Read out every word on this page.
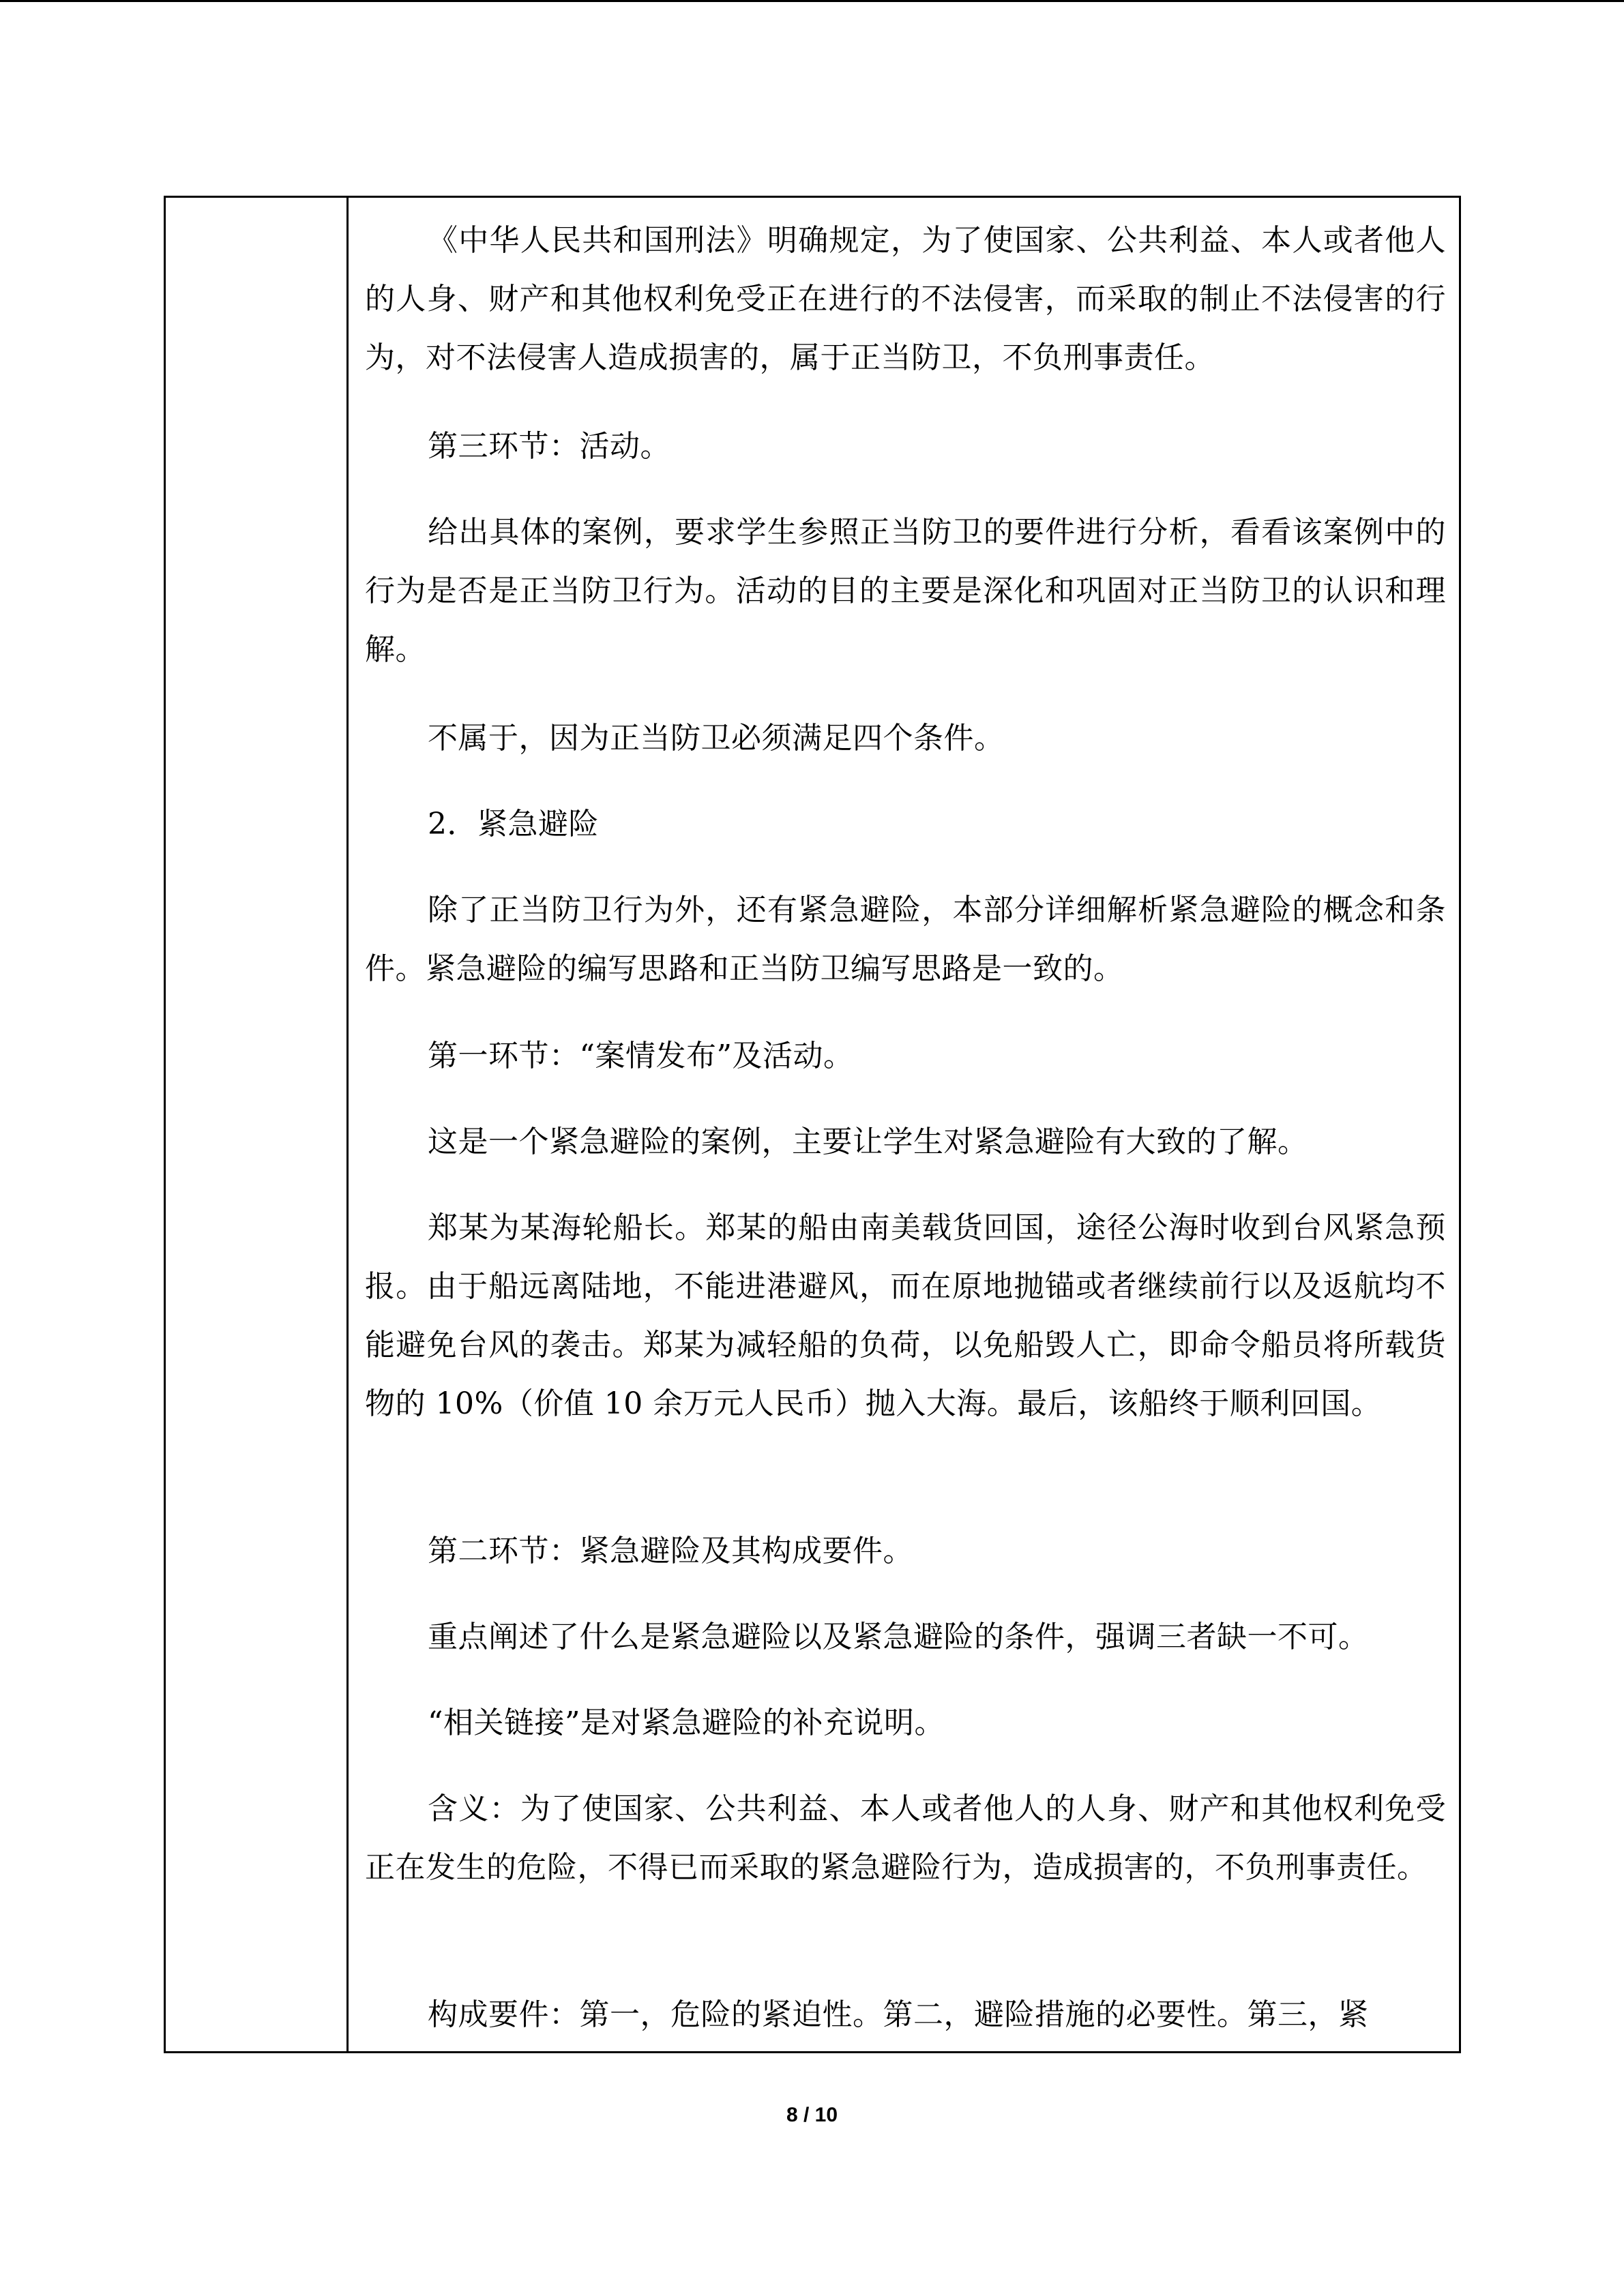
《中华人民共和国刑法》明确规定，为了使国家、公共利益、本人或者他人的人身、财产和其他权利免受正在进行的不法侵害，而采取的制止不法侵害的行为，对不法侵害人造成损害的，属于正当防卫，不负刑事责任。

第三环节：活动。

给出具体的案例，要求学生参照正当防卫的要件进行分析，看看该案例中的行为是否是正当防卫行为。活动的目的主要是深化和巩固对正当防卫的认识和理解。

不属于，因为正当防卫必须满足四个条件。

2．紧急避险

除了正当防卫行为外，还有紧急避险，本部分详细解析紧急避险的概念和条件。紧急避险的编写思路和正当防卫编写思路是一致的。

第一环节：“案情发布”及活动。

这是一个紧急避险的案例，主要让学生对紧急避险有大致的了解。

郑某为某海轮船长。郑某的船由南美载货回国，途径公海时收到台风紧急预报。由于船远离陆地，不能进港避风，而在原地抛锚或者继续前行以及返航均不能避免台风的袭击。郑某为减轻船的负荷，以免船毁人亡，即命令船员将所载货物的 10%（价值 10 余万元人民币）抛入大海。最后，该船终于顺利回国。

第二环节：紧急避险及其构成要件。

重点阐述了什么是紧急避险以及紧急避险的条件，强调三者缺一不可。

“相关链接”是对紧急避险的补充说明。

含义：为了使国家、公共利益、本人或者他人的人身、财产和其他权利免受正在发生的危险，不得已而采取的紧急避险行为，造成损害的，不负刑事责任。

构成要件：第一，危险的紧迫性。第二，避险措施的必要性。第三，紧

8 / 10
